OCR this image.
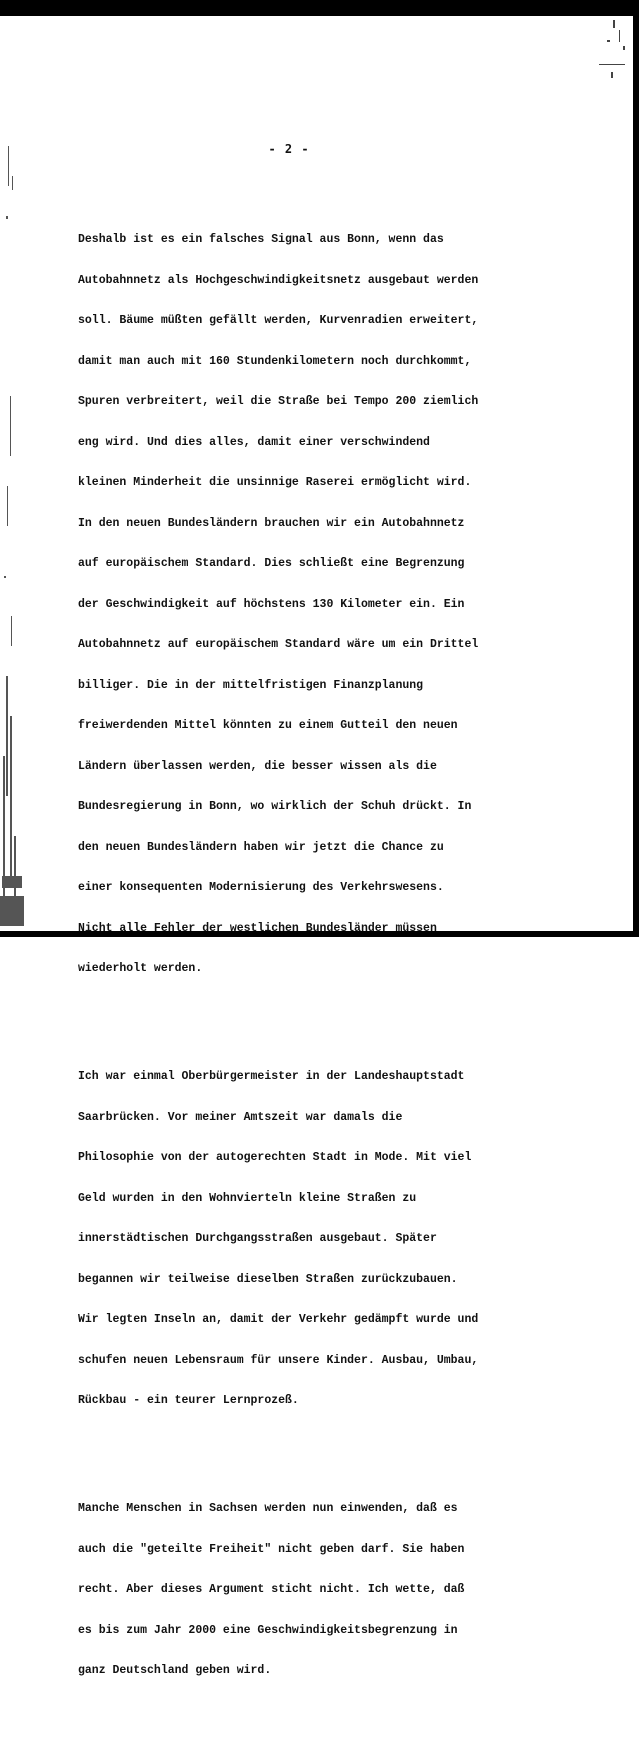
- 2 -

Deshalb ist es ein falsches Signal aus Bonn, wenn das

Autobahnnetz als Hochgeschwindigkeitsnetz ausgebaut werden

soll. Bäume müßten gefällt werden, Kurvenradien erweitert,

damit man auch mit 160 Stundenkilometern noch durchkommt,

Spuren verbreitert, weil die Straße bei Tempo 200 ziemlich

eng wird. Und dies alles, damit einer verschwindend

kleinen Minderheit die unsinnige Raserei ermöglicht wird.

In den neuen Bundesländern brauchen wir ein Autobahnnetz

auf europäischem Standard. Dies schließt eine Begrenzung

der Geschwindigkeit auf höchstens 130 Kilometer ein. Ein

Autobahnnetz auf europäischem Standard wäre um ein Drittel

billiger. Die in der mittelfristigen Finanzplanung

freiwerdenden Mittel könnten zu einem Gutteil den neuen

Ländern überlassen werden, die besser wissen als die

Bundesregierung in Bonn, wo wirklich der Schuh drückt. In

den neuen Bundesländern haben wir jetzt die Chance zu

einer konsequenten Modernisierung des Verkehrswesens.

Nicht alle Fehler der westlichen Bundesländer müssen

wiederholt werden.

Ich war einmal Oberbürgermeister in der Landeshauptstadt

Saarbrücken. Vor meiner Amtszeit war damals die

Philosophie von der autogerechten Stadt in Mode. Mit viel

Geld wurden in den Wohnvierteln kleine Straßen zu

innerstädtischen Durchgangsstraßen ausgebaut. Später

begannen wir teilweise dieselben Straßen zurückzubauen.

Wir legten Inseln an, damit der Verkehr gedämpft wurde und

schufen neuen Lebensraum für unsere Kinder. Ausbau, Umbau,

Rückbau - ein teurer Lernprozeß.

Manche Menschen in Sachsen werden nun einwenden, daß es

auch die "geteilte Freiheit" nicht geben darf. Sie haben

recht. Aber dieses Argument sticht nicht. Ich wette, daß

es bis zum Jahr 2000 eine Geschwindigkeitsbegrenzung in

ganz Deutschland geben wird.
